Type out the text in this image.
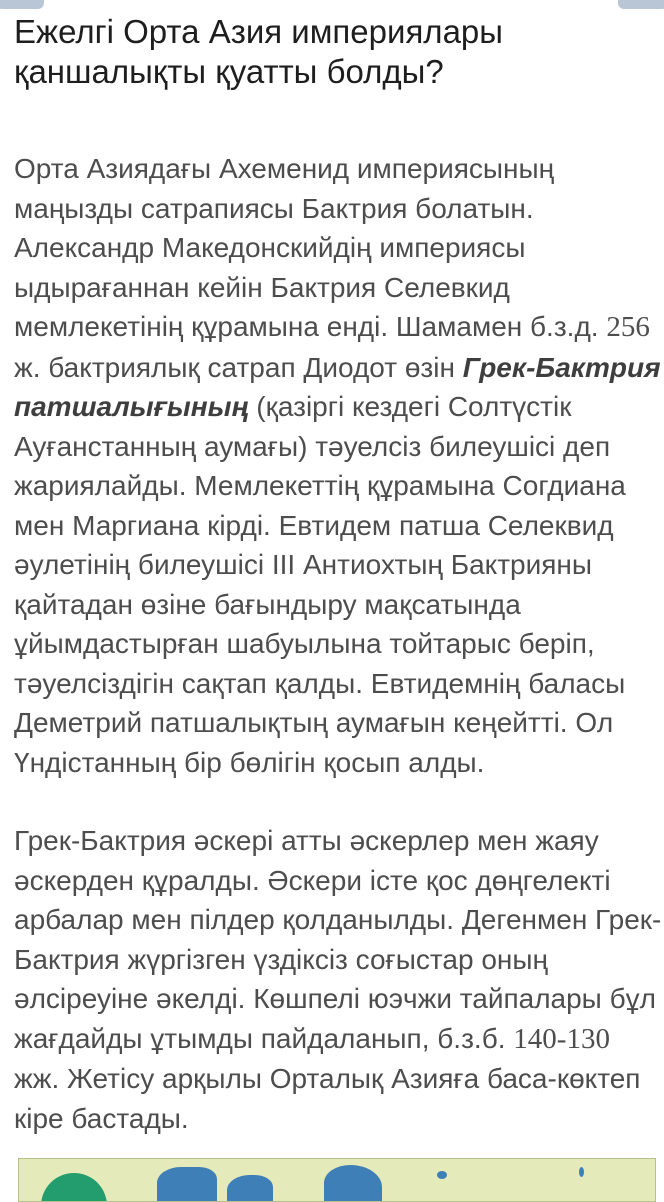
Ежелгі Орта Азия империялары қаншалықты қуатты болды?

Орта Азиядағы Ахеменид империясының маңызды сатрапиясы Бактрия болатын. Александр Македонскийдің империясы ыдырағаннан кейін Бактрия Селевкид мемлекетінің құрамына енді. Шамамен б.з.д. 256 ж. бактриялық сатрап Диодот өзін Грек-Бактрия патшалығының (қазіргі кездегі Солтүстік Ауғанстанның аумағы) тәуелсіз билеушісі деп жариялайды. Мемлекеттің құрамына Согдиана мен Маргиана кірді. Евтидем патша Селеквид әулетінің билеушісі ІІІ Антиохтың Бактрияны қайтадан өзіне бағындыру мақсатында ұйымдастырған шабуылына тойтарыс беріп, тәуелсіздігін сақтап қалды. Евтидемнің баласы Деметрий патшалықтың аумағын кеңейтті. Ол Үндістанның бір бөлігін қосып алды.

Грек-Бактрия әскері атты әскерлер мен жаяу әскерден құралды. Әскери істе қос дөңгелекті арбалар мен пілдер қолданылды. Дегенмен Грек-Бактрия жүргізген үздіксіз соғыстар оның әлсіреуіне әкелді. Көшпелі юэчжи тайпалары бұл жағдайды ұтымды пайдаланып, б.з.б. 140-130 жж. Жетісу арқылы Орталық Азияға баса-көктеп кіре бастады.
